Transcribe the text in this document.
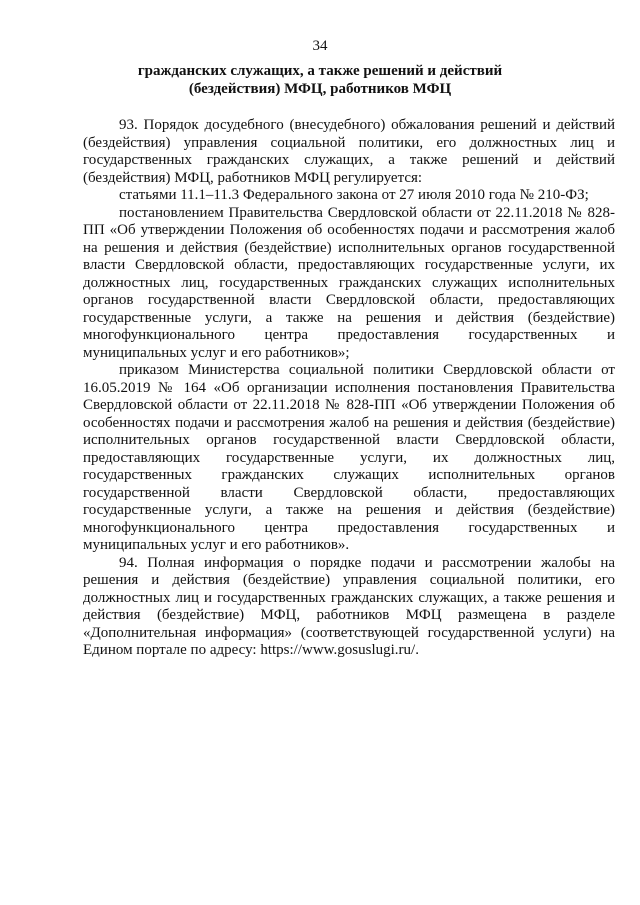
34
гражданских служащих, а также решений и действий (бездействия) МФЦ, работников МФЦ

93. Порядок досудебного (внесудебного) обжалования решений и действий (бездействия) управления социальной политики, его должностных лиц и государственных гражданских служащих, а также решений и действий (бездействия) МФЦ, работников МФЦ регулируется:

статьями 11.1–11.3 Федерального закона от 27 июля 2010 года № 210-ФЗ;

постановлением Правительства Свердловской области от 22.11.2018 № 828-ПП «Об утверждении Положения об особенностях подачи и рассмотрения жалоб на решения и действия (бездействие) исполнительных органов государственной власти Свердловской области, предоставляющих государственные услуги, их должностных лиц, государственных гражданских служащих исполнительных органов государственной власти Свердловской области, предоставляющих государственные услуги, а также на решения и действия (бездействие) многофункционального центра предоставления государственных и муниципальных услуг и его работников»;

приказом Министерства социальной политики Свердловской области от 16.05.2019 № 164 «Об организации исполнения постановления Правительства Свердловской области от 22.11.2018 № 828-ПП «Об утверждении Положения об особенностях подачи и рассмотрения жалоб на решения и действия (бездействие) исполнительных органов государственной власти Свердловской области, предоставляющих государственные услуги, их должностных лиц, государственных гражданских служащих исполнительных органов государственной власти Свердловской области, предоставляющих государственные услуги, а также на решения и действия (бездействие) многофункционального центра предоставления государственных и муниципальных услуг и его работников».

94. Полная информация о порядке подачи и рассмотрении жалобы на решения и действия (бездействие) управления социальной политики, его должностных лиц и государственных гражданских служащих, а также решения и действия (бездействие) МФЦ, работников МФЦ размещена в разделе «Дополнительная информация» (соответствующей государственной услуги) на Едином портале по адресу: https://www.gosuslugi.ru/.
